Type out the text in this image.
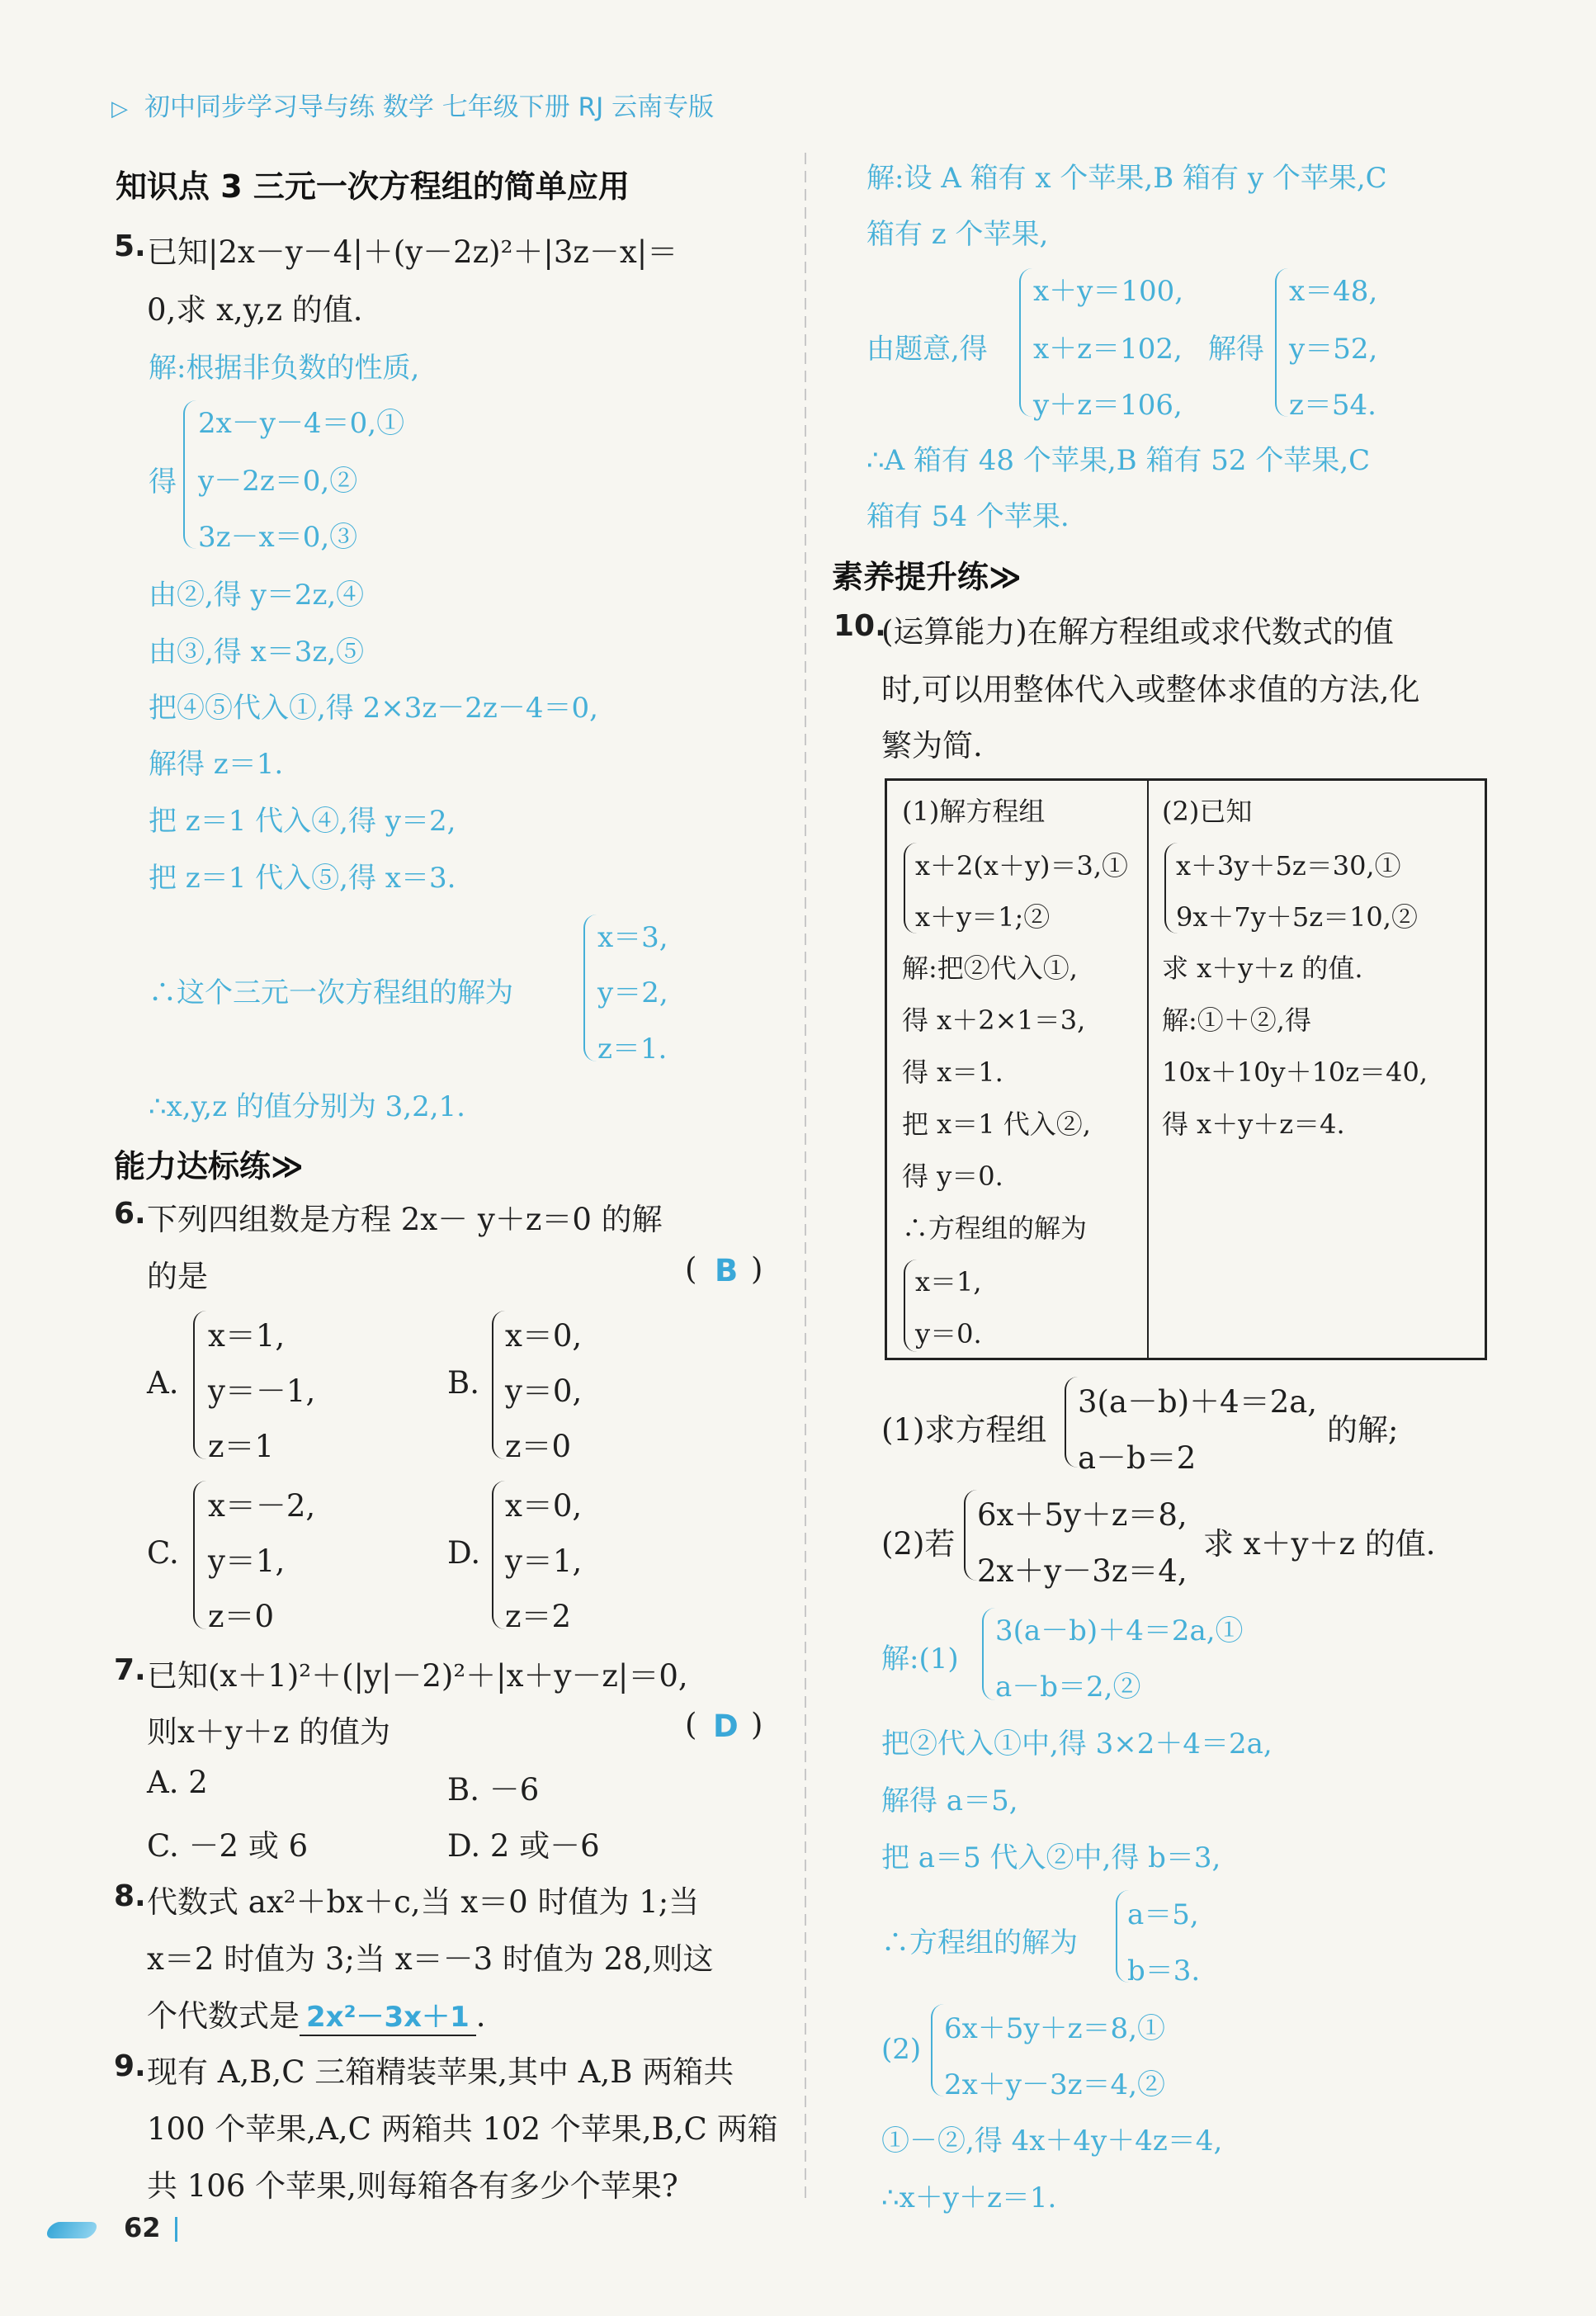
▷ 初中同步学习导与练 数学 七年级下册 RJ 云南专版
知识点 3 三元一次方程组的简单应用
5. 已知|2x－y－4|＋(y－2z)²＋|3z－x|＝
0,求 x,y,z 的值.
解:根据非负数的性质,
得
2x－y－4＝0,①
y－2z＝0,②
3z－x＝0,③
由②,得 y＝2z,④
由③,得 x＝3z,⑤
把④⑤代入①,得 2×3z－2z－4＝0,
解得 z＝1.
把 z＝1 代入④,得 y＝2,
把 z＝1 代入⑤,得 x＝3.
∴这个三元一次方程组的解为
x＝3,
y＝2,
z＝1.
∴x,y,z 的值分别为 3,2,1.
能力达标练≫
6. 下列四组数是方程 2x－ y＋z＝0 的解
的是	( B )
A.
x＝1,
y＝－1,
z＝1
B.
x＝0,
y＝0,
z＝0
C.
x＝－2,
y＝1,
z＝0
D.
x＝0,
y＝1,
z＝2
7. 已知(x＋1)²＋(|y|－2)²＋|x＋y－z|＝0,
则x＋y＋z 的值为	( D )
A. 2	B. －6
C. －2 或 6	D. 2 或－6
8. 代数式 ax²＋bx＋c,当 x＝0 时值为 1;当
x＝2 时值为 3;当 x＝－3 时值为 28,则这
个代数式是 2x²－3x＋1 .
9. 现有 A,B,C 三箱精装苹果,其中 A,B 两箱共
100 个苹果,A,C 两箱共 102 个苹果,B,C 两箱
共 106 个苹果,则每箱各有多少个苹果?
解:设 A 箱有 x 个苹果,B 箱有 y 个苹果,C
箱有 z 个苹果,
由题意,得
x＋y＝100,
x＋z＝102,
y＋z＝106,
解得
x＝48,
y＝52,
z＝54.
∴A 箱有 48 个苹果,B 箱有 52 个苹果,C
箱有 54 个苹果.
素养提升练≫
10.
(运算能力)在解方程组或求代数式的值
时,可以用整体代入或整体求值的方法,化
繁为简.
(1)解方程组
x＋2(x＋y)＝3,①
x＋y＝1;②
解:把②代入①,
得 x＋2×1＝3,
得 x＝1.
把 x＝1 代入②,
得 y＝0.
∴方程组的解为
x＝1,
y＝0.
(2)已知
x＋3y＋5z＝30,①
9x＋7y＋5z＝10,②
求 x＋y＋z 的值.
解:①＋②,得
10x＋10y＋10z＝40,
得 x＋y＋z＝4.
(1)求方程组
3(a－b)＋4＝2a,
a－b＝2
的解;
(2)若
6x＋5y＋z＝8,
2x＋y－3z＝4,
求 x＋y＋z 的值.
解:(1)
3(a－b)＋4＝2a,①
a－b＝2,②
把②代入①中,得 3×2＋4＝2a,
解得 a＝5,
把 a＝5 代入②中,得 b＝3,
∴方程组的解为
a＝5,
b＝3.
(2)
6x＋5y＋z＝8,①
2x＋y－3z＝4,②
①－②,得 4x＋4y＋4z＝4,
∴x＋y＋z＝1.
62
